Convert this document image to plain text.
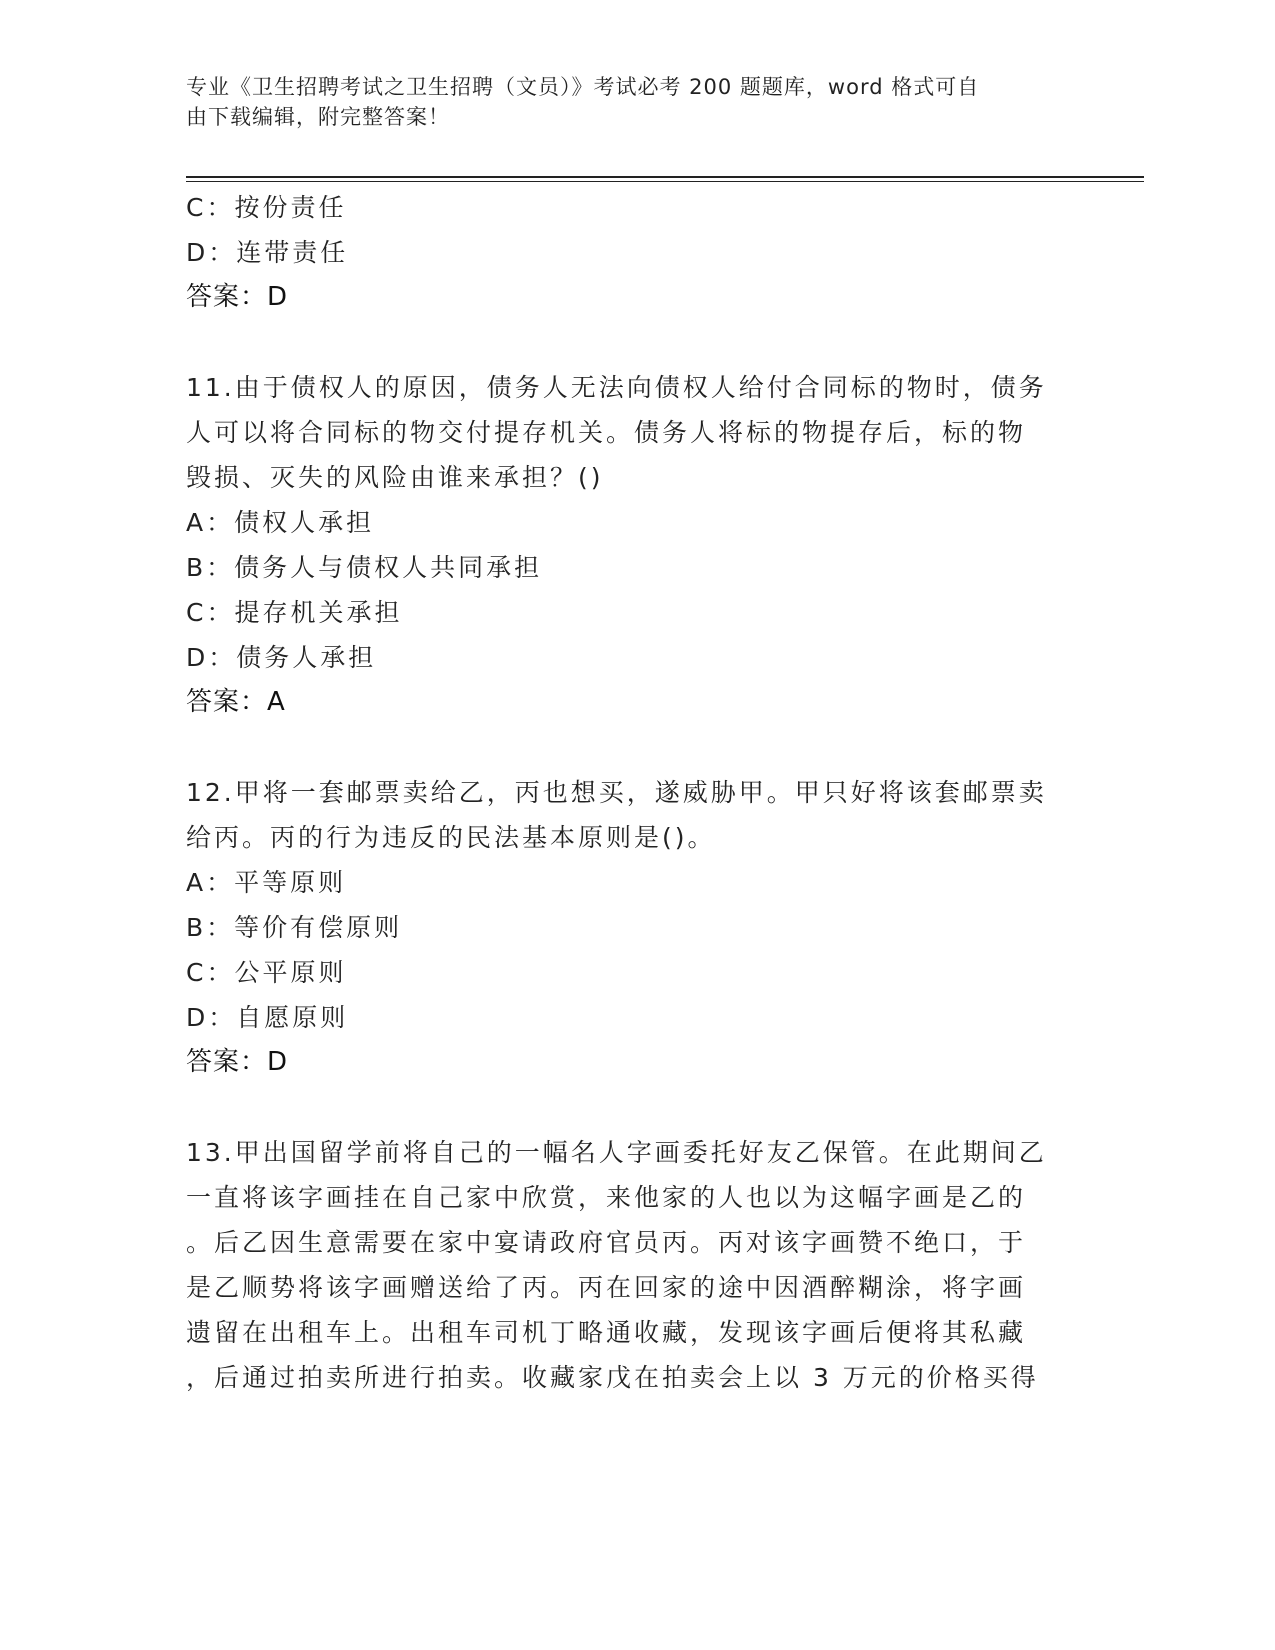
专业《卫生招聘考试之卫生招聘（文员）》考试必考 200 题题库，word 格式可自
由下载编辑，附完整答案！
C：按份责任
D：连带责任
答案：D
11.由于债权人的原因，债务人无法向债权人给付合同标的物时，债务
人可以将合同标的物交付提存机关。债务人将标的物提存后，标的物
毁损、灭失的风险由谁来承担？()
A：债权人承担
B：债务人与债权人共同承担
C：提存机关承担
D：债务人承担
答案：A
12.甲将一套邮票卖给乙，丙也想买，遂威胁甲。甲只好将该套邮票卖
给丙。丙的行为违反的民法基本原则是()。
A：平等原则
B：等价有偿原则
C：公平原则
D：自愿原则
答案：D
13.甲出国留学前将自己的一幅名人字画委托好友乙保管。在此期间乙
一直将该字画挂在自己家中欣赏，来他家的人也以为这幅字画是乙的
。后乙因生意需要在家中宴请政府官员丙。丙对该字画赞不绝口，于
是乙顺势将该字画赠送给了丙。丙在回家的途中因酒醉糊涂，将字画
遗留在出租车上。出租车司机丁略通收藏，发现该字画后便将其私藏
，后通过拍卖所进行拍卖。收藏家戊在拍卖会上以 3 万元的价格买得
